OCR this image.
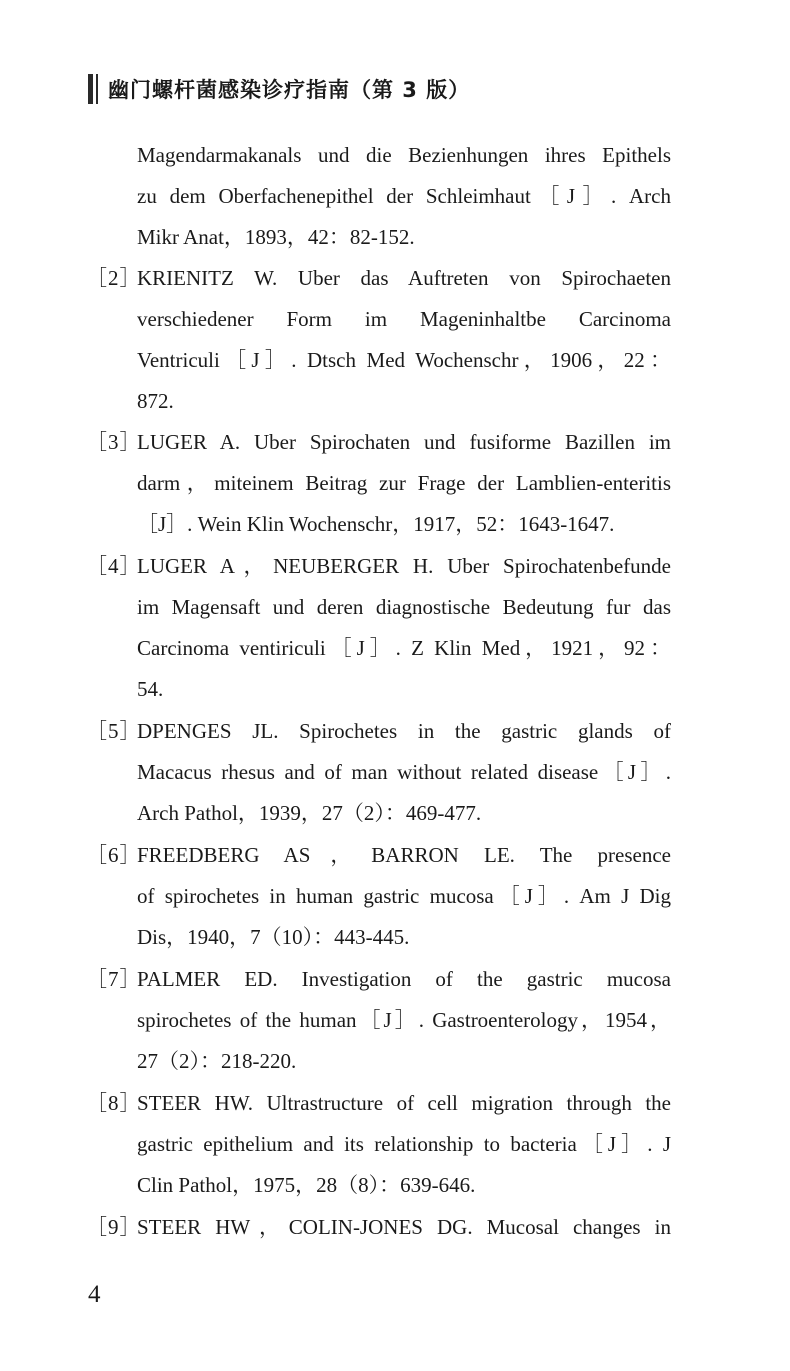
幽门螺杆菌感染诊疗指南（第 3 版）
Magendarmakanals und die Bezienhungen ihres Epithels
zu dem Oberfachenepithel der Schleimhaut［J］. Arch
Mikr Anat，1893，42：82-152.
［2］
KRIENITZ W. Uber das Auftreten von Spirochaeten
verschiedener Form im Mageninhaltbe Carcinoma
Ventriculi［J］. Dtsch Med Wochenschr，1906，22：
872.
［3］
LUGER A. Uber Spirochaten und fusiforme Bazillen im
darm，miteinem Beitrag zur Frage der Lamblien-enteritis
［J］. Wein Klin Wochenschr，1917，52：1643-1647.
［4］
LUGER A，NEUBERGER H. Uber Spirochatenbefunde
im Magensaft und deren diagnostische Bedeutung fur das
Carcinoma ventiriculi［J］. Z Klin Med，1921，92：
54.
［5］
DPENGES JL. Spirochetes in the gastric glands of
Macacus rhesus and of man without related disease［J］.
Arch Pathol，1939，27（2）：469-477.
［6］
FREEDBERG AS，BARRON LE. The presence
of spirochetes in human gastric mucosa［J］. Am J Dig
Dis，1940，7（10）：443-445.
［7］
PALMER ED. Investigation of the gastric mucosa
spirochetes of the human［J］. Gastroenterology，1954，
27（2）：218-220.
［8］
STEER HW. Ultrastructure of cell migration through the
gastric epithelium and its relationship to bacteria［J］. J
Clin Pathol，1975，28（8）：639-646.
［9］
STEER HW，COLIN-JONES DG. Mucosal changes in
4
